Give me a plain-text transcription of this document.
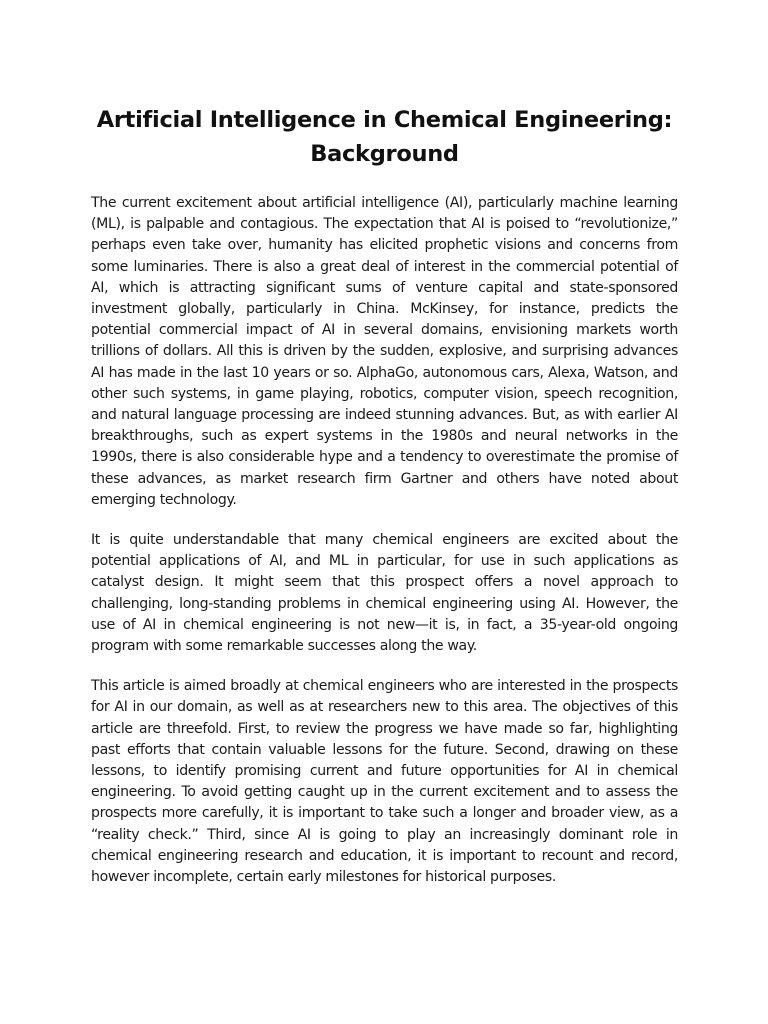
Artificial Intelligence in Chemical Engineering: Background

The current excitement about artificial intelligence (AI), particularly machine learning (ML), is palpable and contagious. The expectation that AI is poised to “revolutionize,” perhaps even take over, humanity has elicited prophetic visions and concerns from some luminaries. There is also a great deal of interest in the commercial potential of AI, which is attracting significant sums of venture capital and state-sponsored investment globally, particularly in China. McKinsey, for instance, predicts the potential commercial impact of AI in several domains, envisioning markets worth trillions of dollars. All this is driven by the sudden, explosive, and surprising advances AI has made in the last 10 years or so. AlphaGo, autonomous cars, Alexa, Watson, and other such systems, in game playing, robotics, computer vision, speech recognition, and natural language processing are indeed stunning advances. But, as with earlier AI breakthroughs, such as expert systems in the 1980s and neural networks in the 1990s, there is also considerable hype and a tendency to overestimate the promise of these advances, as market research firm Gartner and others have noted about emerging technology.

It is quite understandable that many chemical engineers are excited about the potential applications of AI, and ML in particular, for use in such applications as catalyst design. It might seem that this prospect offers a novel approach to challenging, long-standing problems in chemical engineering using AI. However, the use of AI in chemical engineering is not new—it is, in fact, a 35-year-old ongoing program with some remarkable successes along the way.

This article is aimed broadly at chemical engineers who are interested in the prospects for AI in our domain, as well as at researchers new to this area. The objectives of this article are threefold. First, to review the progress we have made so far, highlighting past efforts that contain valuable lessons for the future. Second, drawing on these lessons, to identify promising current and future opportunities for AI in chemical engineering. To avoid getting caught up in the current excitement and to assess the prospects more carefully, it is important to take such a longer and broader view, as a “reality check.” Third, since AI is going to play an increasingly dominant role in chemical engineering research and education, it is important to recount and record, however incomplete, certain early milestones for historical purposes.
